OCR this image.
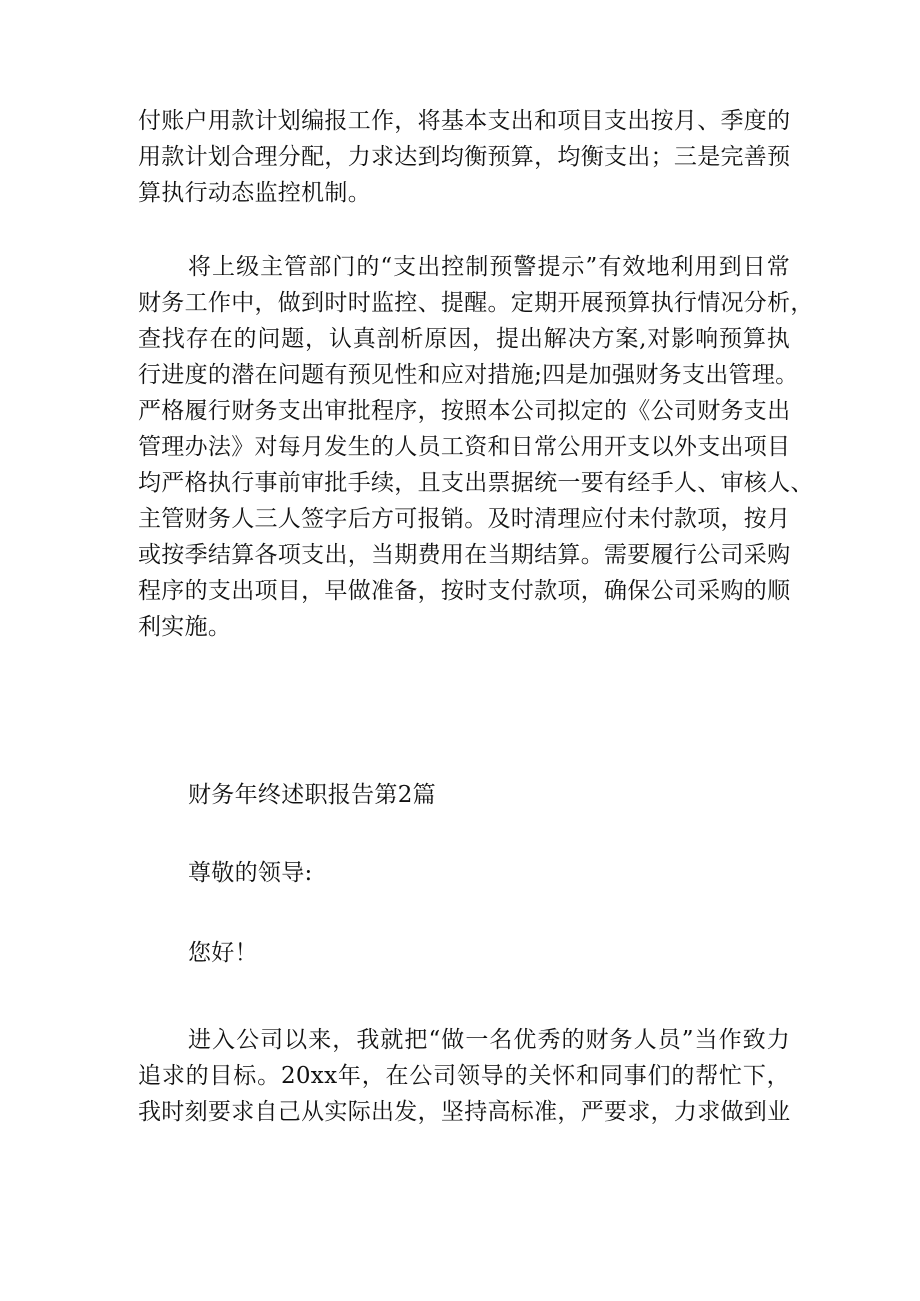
付账户用款计划编报工作，将基本支出和项目支出按月、季度的
用款计划合理分配，力求达到均衡预算，均衡支出；三是完善预
算执行动态监控机制。
将上级主管部门的“支出控制预警提示”有效地利用到日常
财务工作中，做到时时监控、提醒。定期开展预算执行情况分析，
查找存在的问题，认真剖析原因，提出解决方案,对影响预算执
行进度的潜在问题有预见性和应对措施;四是加强财务支出管理。
严格履行财务支出审批程序，按照本公司拟定的《公司财务支出
管理办法》对每月发生的人员工资和日常公用开支以外支出项目
均严格执行事前审批手续，且支出票据统一要有经手人、审核人、
主管财务人三人签字后方可报销。及时清理应付未付款项，按月
或按季结算各项支出，当期费用在当期结算。需要履行公司采购
程序的支出项目，早做准备，按时支付款项，确保公司采购的顺
利实施。
财务年终述职报告第2篇
尊敬的领导:
您好！
进入公司以来，我就把“做一名优秀的财务人员”当作致力
追求的目标。20xx年，在公司领导的关怀和同事们的帮忙下，
我时刻要求自己从实际出发，坚持高标准，严要求，力求做到业
